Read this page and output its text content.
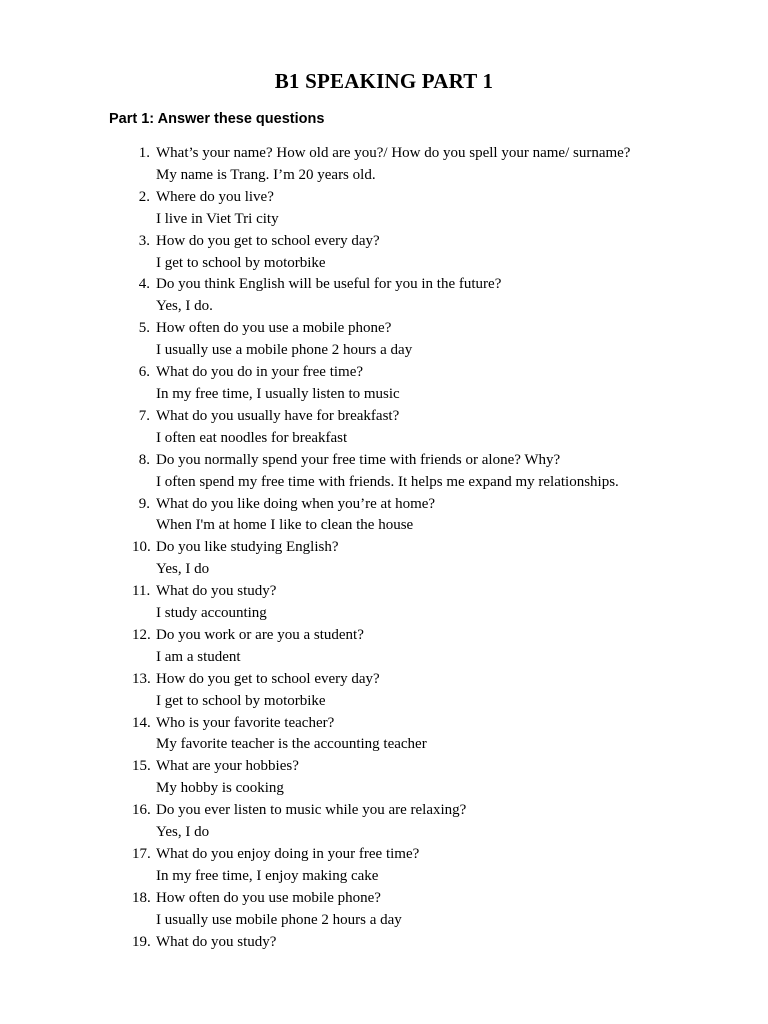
B1 SPEAKING PART 1
Part 1: Answer these questions
1. What’s your name? How old are you?/ How do you spell your name/ surname?
My name is Trang. I’m 20 years old.
2. Where do you live?
I live in Viet Tri city
3. How do you get to school every day?
I get to school by motorbike
4. Do you think English will be useful for you in the future?
Yes, I do.
5. How often do you use a mobile phone?
I usually use a mobile phone 2 hours a day
6. What do you do in your free time?
In my free time, I usually listen to music
7. What do you usually have for breakfast?
I often eat noodles for breakfast
8. Do you normally spend your free time with friends or alone? Why?
I often spend my free time with friends. It helps me expand my relationships.
9. What do you like doing when you’re at home?
When I'm at home I like to clean the house
10. Do you like studying English?
Yes, I do
11. What do you study?
I study accounting
12. Do you work or are you a student?
I am a student
13. How do you get to school every day?
I get to school by motorbike
14. Who is your favorite teacher?
My favorite teacher is the accounting teacher
15. What are your hobbies?
My hobby is cooking
16. Do you ever listen to music while you are relaxing?
Yes, I do
17. What do you enjoy doing in your free time?
In my free time, I enjoy making cake
18. How often do you use mobile phone?
I usually use mobile phone 2 hours a day
19. What do you study?
